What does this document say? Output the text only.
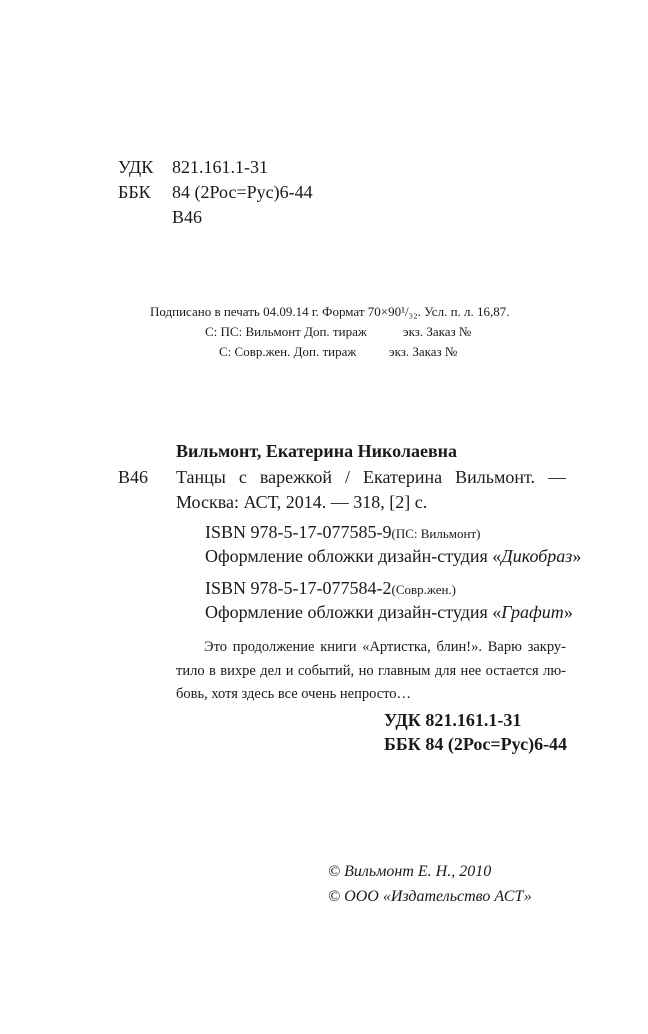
УДК 821.161.1-31
ББК 84 (2Рос=Рус)6-44
В46
Подписано в печать 04.09.14 г. Формат 70×90¹/₃₂. Усл. п. л. 16,87.
С: ПС: Вильмонт Доп. тираж	экз. Заказ №
С: Совр.жен. Доп. тираж	экз. Заказ №
Вильмонт, Екатерина Николаевна
В46 Танцы с варежкой / Екатерина Вильмонт. —
Москва: АСТ, 2014. — 318, [2] с.
ISBN 978-5-17-077585-9(ПС: Вильмонт)
Оформление обложки дизайн-студия «Дикобраз»
ISBN 978-5-17-077584-2(Совр.жен.)
Оформление обложки дизайн-студия «Графит»
Это продолжение книги «Артистка, блин!». Варю закру-
тило в вихре дел и событий, но главным для нее остается лю-
бовь, хотя здесь все очень непросто…
УДК 821.161.1-31
ББК 84 (2Рос=Рус)6-44
© Вильмонт Е. Н., 2010
© ООО «Издательство АСТ»
